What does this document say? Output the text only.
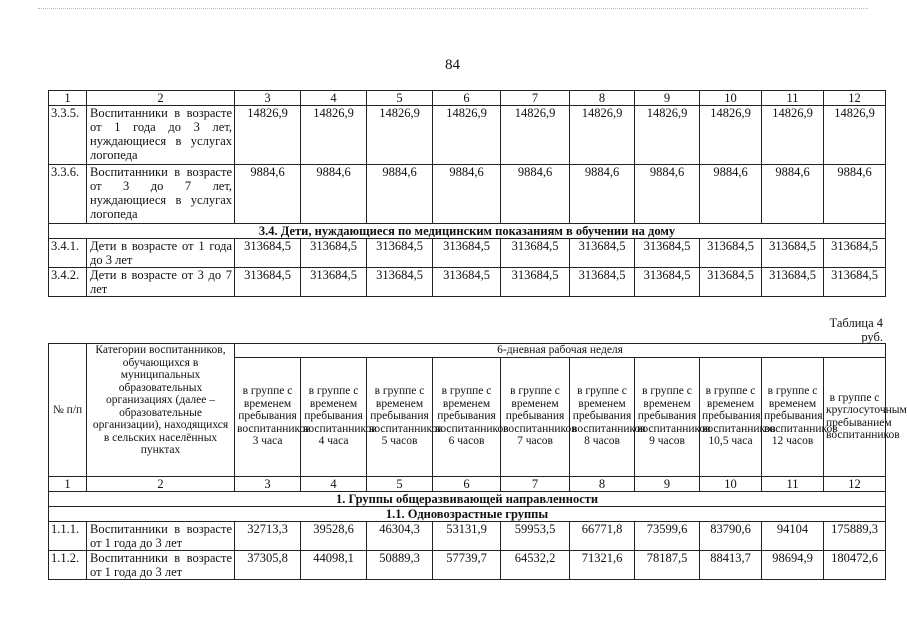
84
1	2	3	4	5	6	7	8	9	10	11	12
3.3.5.	Воспитанники в возрасте от 1 года до 3 лет, нуждающиеся в услугах логопеда	14826,9	14826,9	14826,9	14826,9	14826,9	14826,9	14826,9	14826,9	14826,9	14826,9
3.3.6.	Воспитанники в возрасте от 3 до 7 лет, нуждающиеся в услугах логопеда	9884,6	9884,6	9884,6	9884,6	9884,6	9884,6	9884,6	9884,6	9884,6	9884,6
3.4. Дети, нуждающиеся по медицинским показаниям в обучении на дому											
3.4.1.	Дети в возрасте от 1 года до 3 лет	313684,5	313684,5	313684,5	313684,5	313684,5	313684,5	313684,5	313684,5	313684,5	313684,5
3.4.2.	Дети в возрасте от 3 до 7 лет	313684,5	313684,5	313684,5	313684,5	313684,5	313684,5	313684,5	313684,5	313684,5	313684,5
Таблица 4
руб.
№ п/п	Категории воспитанников, обучающихся в муниципальных образовательных организациях (далее – образовательные организации), находящихся в сельских населённых пунктах	6-дневная рабочая неделя									
		в группе с временем пребывания воспитанников 3 часа	в группе с временем пребывания воспитанников 4 часа	в группе с временем пребывания воспитанников 5 часов	в группе с временем пребывания воспитанников 6 часов	в группе с временем пребывания воспитанников 7 часов	в группе с временем пребывания воспитанников 8 часов	в группе с временем пребывания воспитанников 9 часов	в группе с временем пребывания воспитанников 10,5 часа	в группе с временем пребывания воспитанников 12 часов	в группе с круглосуточным пребыванием воспитанников
1	2	3	4	5	6	7	8	9	10	11	12
1. Группы общеразвивающей направленности											
1.1. Одновозрастные группы											
1.1.1.	Воспитанники в возрасте от 1 года до 3 лет	32713,3	39528,6	46304,3	53131,9	59953,5	66771,8	73599,6	83790,6	94104	175889,3
1.1.2.	Воспитанники в возрасте от 1 года до 3 лет	37305,8	44098,1	50889,3	57739,7	64532,2	71321,6	78187,5	88413,7	98694,9	180472,6
